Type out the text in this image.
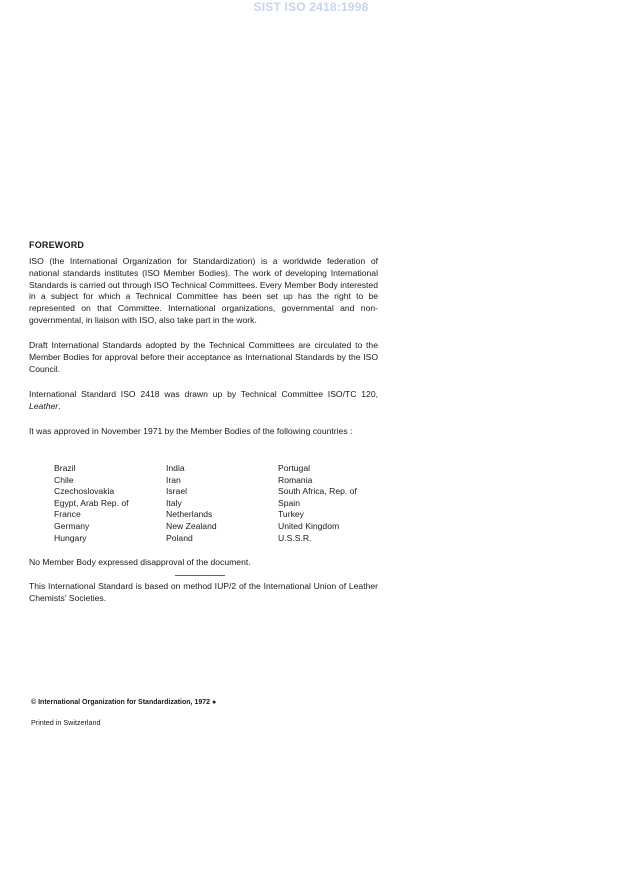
SIST ISO 2418:1998
FOREWORD

ISO (the International Organization for Standardization) is a worldwide federation of national standards institutes (ISO Member Bodies). The work of developing International Standards is carried out through ISO Technical Committees. Every Member Body interested in a subject for which a Technical Committee has been set up has the right to be represented on that Committee. International organizations, governmental and non-governmental, in liaison with ISO, also take part in the work.

Draft International Standards adopted by the Technical Committees are circulated to the Member Bodies for approval before their acceptance as International Standards by the ISO Council.

International Standard ISO 2418 was drawn up by Technical Committee ISO/TC 120, Leather.

It was approved in November 1971 by the Member Bodies of the following countries :

Brazil
Chile
Czechoslovakia
Egypt, Arab Rep. of
France
Germany
Hungary
India
Iran
Israel
Italy
Netherlands
New Zealand
Poland
Portugal
Romania
South Africa, Rep. of
Spain
Turkey
United Kingdom
U.S.S.R.

No Member Body expressed disapproval of the document.

This International Standard is based on method IUP/2 of the International Union of Leather Chemists' Societies.

© International Organization for Standardization, 1972 ●
Printed in Switzerland
